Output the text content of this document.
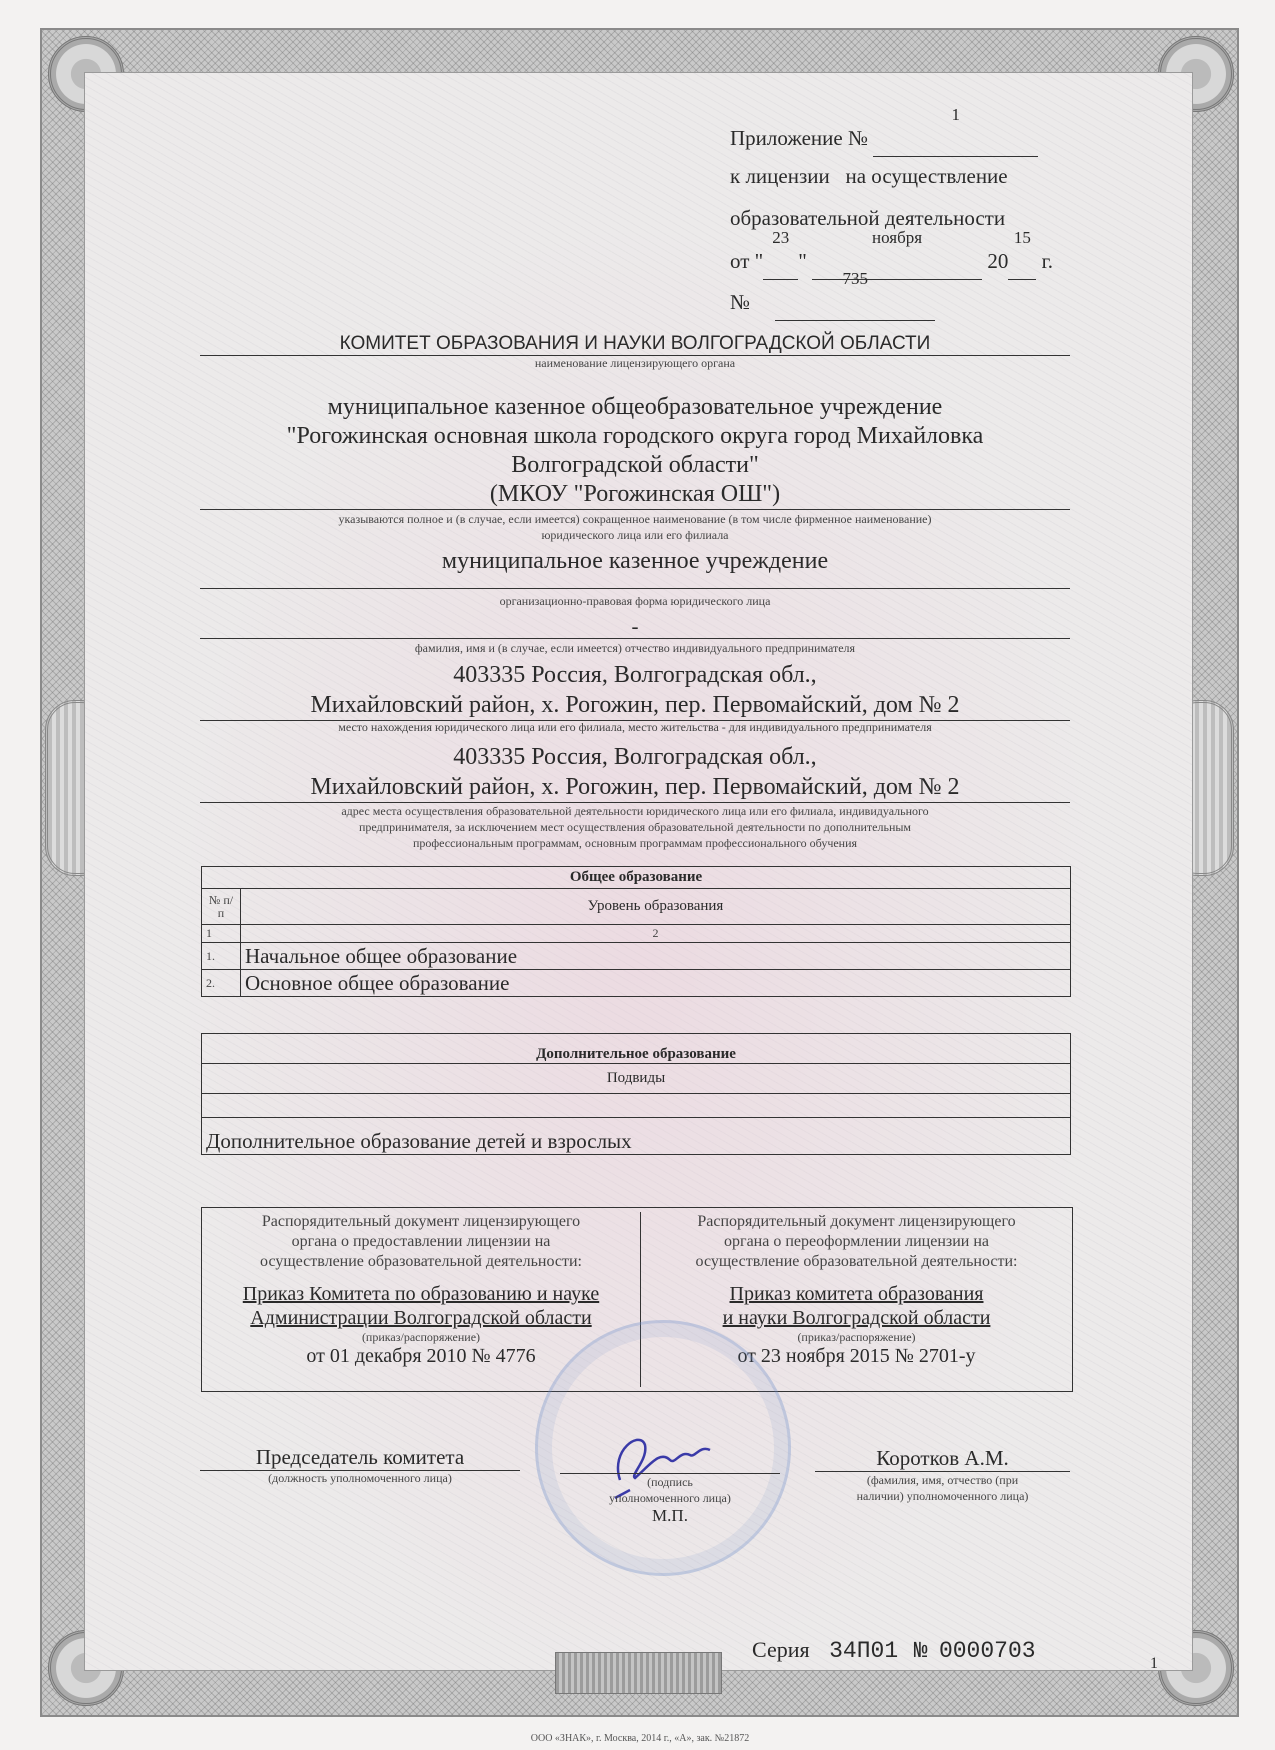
Приложение №
1

к лицензии   на осуществление
образовательной деятельности
от "
23
"
ноября
20
15
г.
№
735

КОМИТЕТ ОБРАЗОВАНИЯ И НАУКИ ВОЛГОГРАДСКОЙ ОБЛАСТИ
наименование лицензирующего органа
муниципальное казенное общеобразовательное учреждение
"Рогожинская основная школа городского округа город Михайловка
Волгоградской области"
(МКОУ "Рогожинская ОШ")
указываются полное и (в случае, если имеется) сокращенное наименование (в том числе фирменное наименование)
юридического лица или его филиала
муниципальное казенное учреждение
организационно-правовая форма юридического лица
-
фамилия, имя и (в случае, если имеется) отчество индивидуального предпринимателя
403335 Россия, Волгоградская обл.,
Михайловский район, х. Рогожин, пер. Первомайский, дом № 2
место нахождения юридического лица или его филиала, место жительства - для индивидуального предпринимателя
403335 Россия, Волгоградская обл.,
Михайловский район, х. Рогожин, пер. Первомайский, дом № 2
адрес места осуществления образовательной деятельности юридического лица или его филиала, индивидуального
предпринимателя, за исключением мест осуществления образовательной деятельности по дополнительным
профессиональным программам, основным программам профессионального обучения
Общее образование	
№ п/п	Уровень образования
1	2
1.	Начальное общее образование
2.	Основное общее образование
Дополнительное образование
Подвиды

Дополнительное образование детей и взрослых
Распорядительный документ лицензирующего
органа о предоставлении лицензии на
осуществление образовательной деятельности:
Приказ Комитета по образованию и науке
Администрации Волгоградской области
(приказ/распоряжение)
от 01 декабря 2010 № 4776
Распорядительный документ лицензирующего
органа о переоформлении лицензии на
осуществление образовательной деятельности:
Приказ комитета образования
и науки Волгоградской области
(приказ/распоряжение)
от 23 ноября 2015 № 2701-у
Председатель комитета
(должность уполномоченного лица)	(подпись
уполномоченного лица)
М.П.
Коротков А.М.
(фамилия, имя, отчество (при
наличии) уполномоченного лица)
Серия 34П01 № 0000703	1
ООО «ЗНАК», г. Москва, 2014 г., «А», зак. №21872
